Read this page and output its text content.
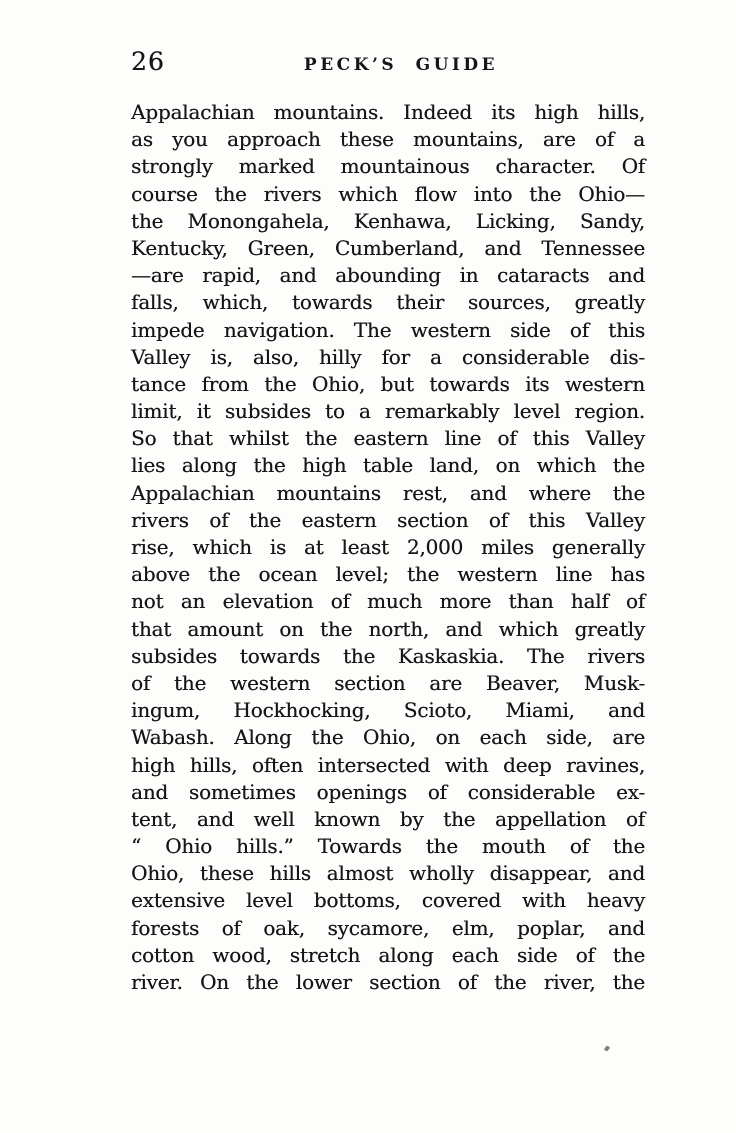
26	PECK’S GUIDE
Appalachian mountains. Indeed its high hills,
as you approach these mountains, are of a
strongly marked mountainous character. Of
course the rivers which flow into the Ohio—
the Monongahela, Kenhawa, Licking, Sandy,
Kentucky, Green, Cumberland, and Tennessee
—are rapid, and abounding in cataracts and
falls, which, towards their sources, greatly
impede navigation. The western side of this
Valley is, also, hilly for a considerable dis-
tance from the Ohio, but towards its western
limit, it subsides to a remarkably level region.
So that whilst the eastern line of this Valley
lies along the high table land, on which the
Appalachian mountains rest, and where the
rivers of the eastern section of this Valley
rise, which is at least 2,000 miles generally
above the ocean level; the western line has
not an elevation of much more than half of
that amount on the north, and which greatly
subsides towards the Kaskaskia. The rivers
of the western section are Beaver, Musk-
ingum, Hockhocking, Scioto, Miami, and
Wabash. Along the Ohio, on each side, are
high hills, often intersected with deep ravines,
and sometimes openings of considerable ex-
tent, and well known by the appellation of
“ Ohio hills.” Towards the mouth of the
Ohio, these hills almost wholly disappear, and
extensive level bottoms, covered with heavy
forests of oak, sycamore, elm, poplar, and
cotton wood, stretch along each side of the
river. On the lower section of the river, the
